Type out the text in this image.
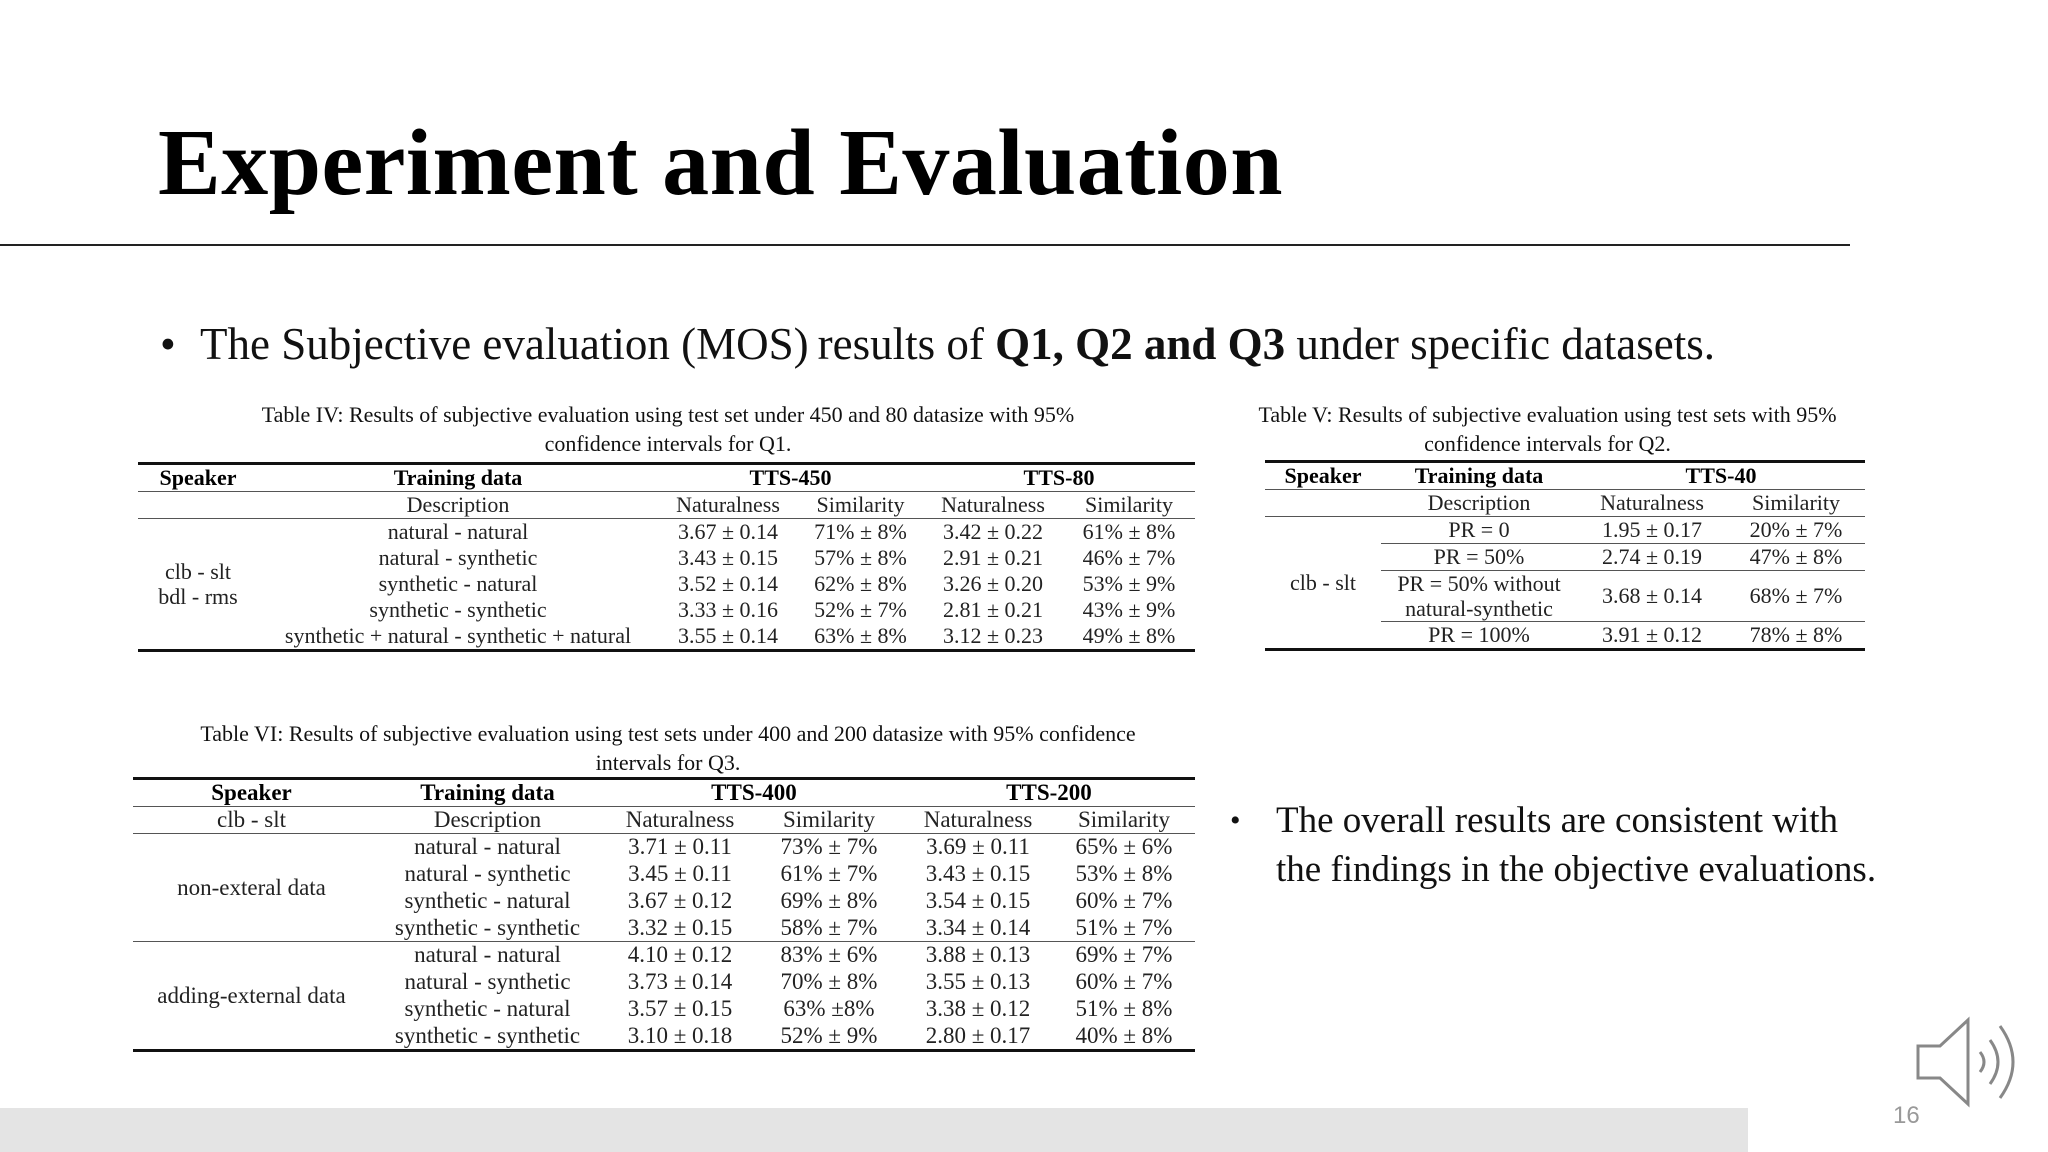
Experiment and Evaluation
• The Subjective evaluation (MOS) results of Q1, Q2 and Q3 under specific datasets.
Table IV: Results of subjective evaluation using test set under 450 and 80 datasize with 95%
confidence intervals for Q1.
Speaker	Training data	TTS-450		TTS-80	
	Description	Naturalness	Similarity	Naturalness	Similarity

clb - slt
bdl - rms	natural - natural	3.67 ± 0.14	71% ± 8%	3.42 ± 0.22	61% ± 8%
	natural - synthetic	3.43 ± 0.15	57% ± 8%	2.91 ± 0.21	46% ± 7%
	synthetic - natural	3.52 ± 0.14	62% ± 8%	3.26 ± 0.20	53% ± 9%
	synthetic - synthetic	3.33 ± 0.16	52% ± 7%	2.81 ± 0.21	43% ± 9%
	synthetic + natural - synthetic + natural	3.55 ± 0.14	63% ± 8%	3.12 ± 0.23	49% ± 8%
Table V: Results of subjective evaluation using test sets with 95%
confidence intervals for Q2.
Speaker	Training data	TTS-40	
	Description	Naturalness	Similarity
clb - slt	PR = 0	1.95 ± 0.17	20% ± 7%
	PR = 50%	2.74 ± 0.19	47% ± 8%

	PR = 50% without
natural-synthetic	3.68 ± 0.14	68% ± 7%
	PR = 100%	3.91 ± 0.12	78% ± 8%
Table VI: Results of subjective evaluation using test sets under 400 and 200 datasize with 95% confidence
intervals for Q3.
Speaker	Training data	TTS-400		TTS-200	
clb - slt	Description	Naturalness	Similarity	Naturalness	Similarity
non-exteral data	natural - natural	3.71 ± 0.11	73% ± 7%	3.69 ± 0.11	65% ± 6%
	natural - synthetic	3.45 ± 0.11	61% ± 7%	3.43 ± 0.15	53% ± 8%
	synthetic - natural	3.67 ± 0.12	69% ± 8%	3.54 ± 0.15	60% ± 7%
	synthetic - synthetic	3.32 ± 0.15	58% ± 7%	3.34 ± 0.14	51% ± 7%
adding-external data	natural - natural	4.10 ± 0.12	83% ± 6%	3.88 ± 0.13	69% ± 7%
	natural - synthetic	3.73 ± 0.14	70% ± 8%	3.55 ± 0.13	60% ± 7%
	synthetic - natural	3.57 ± 0.15	63% ±8%	3.38 ± 0.12	51% ± 8%
	synthetic - synthetic	3.10 ± 0.18	52% ± 9%	2.80 ± 0.17	40% ± 8%
• The overall results are consistent with
the findings in the objective evaluations.
16
